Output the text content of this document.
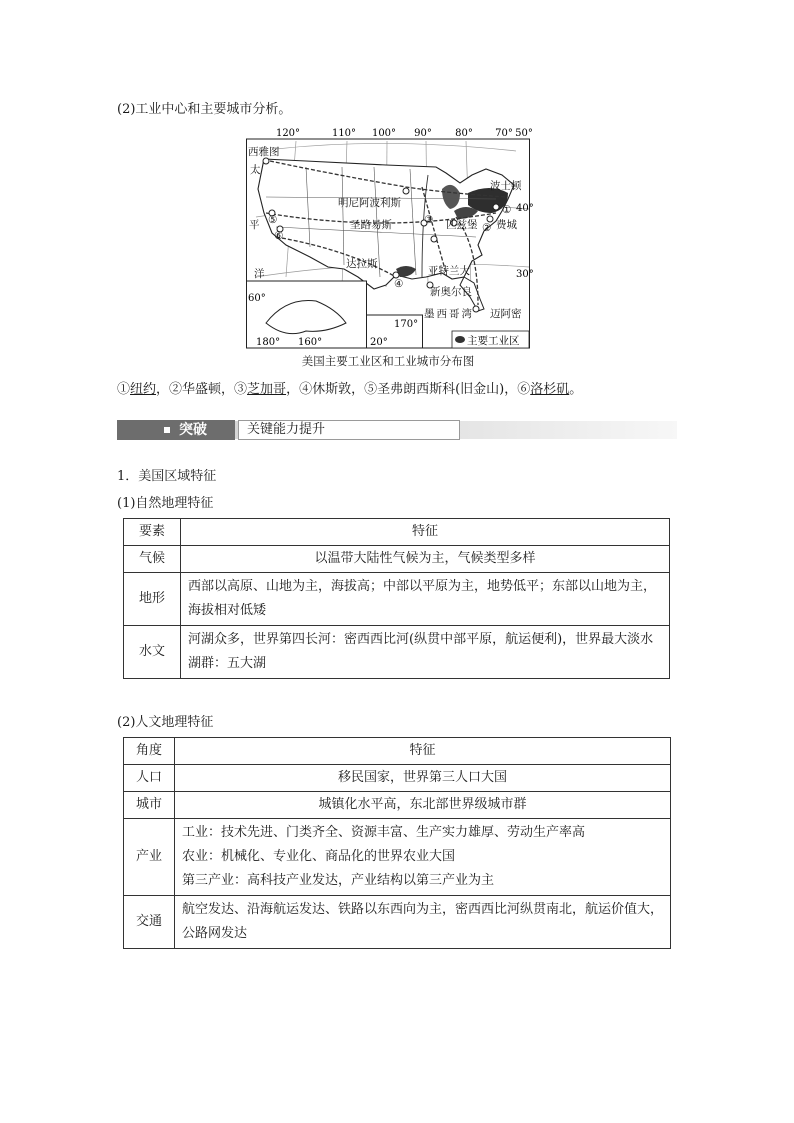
(2)工业中心和主要城市分析。
120°	110° 100° 90° 80° 70° 50°
西雅图
太
平
洋
明尼阿波利斯
圣路易斯
达拉斯
亚特兰大
新奥尔良
波士顿
费城
匹兹堡
墨西哥湾 迈阿密
①
②
③
④
⑤
⑥
40°
30°
60°
180° 160°	20°
170°
主要工业区
美国主要工业区和工业城市分布图
①纽约，②华盛顿，③芝加哥，④休斯敦，⑤圣弗朗西斯科(旧金山)，⑥洛杉矶。
突破	关键能力提升
1．美国区域特征
(1)自然地理特征
要素	特征
气候	以温带大陆性气候为主，气候类型多样
地形	西部以高原、山地为主，海拔高；中部以平原为主，地势低平；东部以山地为主，海拔相对低矮
水文	河湖众多，世界第四长河：密西西比河(纵贯中部平原，航运便利)，世界最大淡水湖群：五大湖
(2)人文地理特征
角度	特征
人口	移民国家，世界第三人口大国
城市	城镇化水平高，东北部世界级城市群
产业	工业：技术先进、门类齐全、资源丰富、生产实力雄厚、劳动生产率高
农业：机械化、专业化、商品化的世界农业大国
第三产业：高科技产业发达，产业结构以第三产业为主

交通	航空发达、沿海航运发达、铁路以东西向为主，密西西比河纵贯南北，航运价值大，公路网发达
